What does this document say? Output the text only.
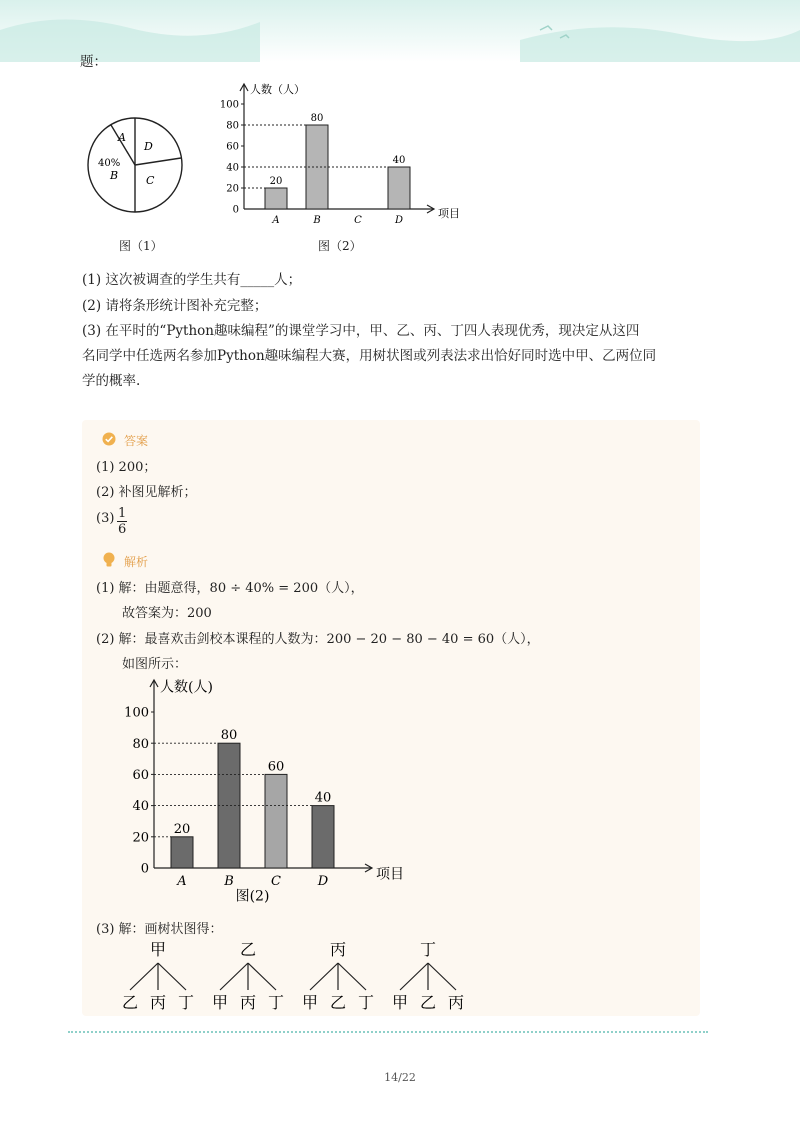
题：
A
D
40%
B	C
图（1）
0
20
40
60
80
100
20
A
80
B	C
40
D
人数（人）
项目
图（2）
(1) 这次被调查的学生共有_____人；
(2) 请将条形统计图补充完整；
(3) 在平时的“Python趣味编程”的课堂学习中，甲、乙、丙、丁四人表现优秀，现决定从这四
名同学中任选两名参加Python趣味编程大赛，用树状图或列表法求出恰好同时选中甲、乙两位同
学的概率.
答案
(1) 200；
(2) 补图见解析；
$(3) \frac{1}{6}$
解析
(1) 解：由题意得，80 ÷ 40% = 200（人），
故答案为：200
(2) 解：最喜欢击剑校本课程的人数为：200 − 20 − 80 − 40 = 60（人），
如图所示：
0
20
40
60
80
100
20
A
80
B
60
C
40
D
人数(人)
项目
图(2)
(3) 解：画树状图得：
甲
乙 丙 丁
乙
甲 丙 丁
丙
甲 乙 丁
丁
甲 乙 丙
14/22
